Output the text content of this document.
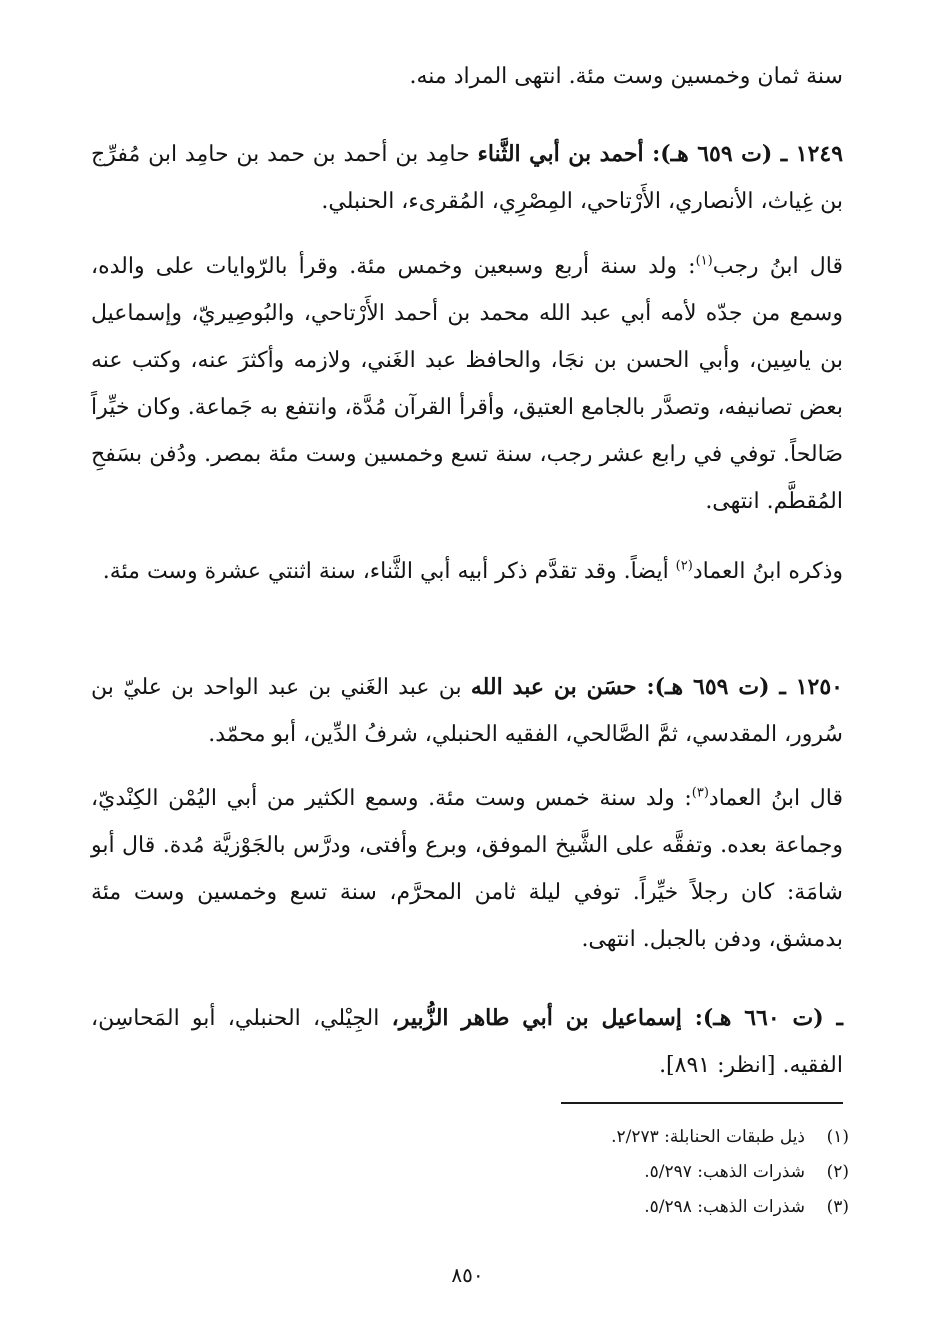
سنة ثمان وخمسين وست مئة. انتهى المراد منه.

١٢٤٩ ـ (ت ٦٥٩ هـ): أحمد بن أبي الثَّناء حامِد بن أحمد بن حمد بن حامِد ابن مُفرِّج بن غِياث، الأنصاري، الأَرْتاحي، المِصْرِي، المُقرىء، الحنبلي.

قال ابنُ رجب$^{(١)}$: ولد سنة أربع وسبعين وخمس مئة. وقرأ بالرّوايات على والده، وسمع من جدّه لأمه أبي عبد الله محمد بن أحمد الأَرْتاحي، والبُوصِيريّ، وإسماعيل بن ياسِين، وأبي الحسن بن نجَا، والحافظ عبد الغَني، ولازمه وأكثرَ عنه، وكتب عنه بعض تصانيفه، وتصدَّر بالجامع العتيق، وأقرأ القرآن مُدَّة، وانتفع به جَماعة. وكان خيِّراً صَالحاً. توفي في رابع عشر رجب، سنة تسع وخمسين وست مئة بمصر. ودُفن بسَفحِ المُقطَّم. انتهى.

وذكره ابنُ العماد$^{(٢)}$ أيضاً. وقد تقدَّم ذكر أبيه أبي الثَّناء، سنة اثنتي عشرة وست مئة.

١٢٥٠ ـ (ت ٦٥٩ هـ): حسَن بن عبد الله بن عبد الغَني بن عبد الواحد بن عليّ بن سُرور، المقدسي، ثمَّ الصَّالحي، الفقيه الحنبلي، شرفُ الدِّين، أبو محمّد.

قال ابنُ العماد$^{(٣)}$: ولد سنة خمس وست مئة. وسمع الكثير من أبي اليُمْن الكِنْديّ، وجماعة بعده. وتفقَّه على الشَّيخ الموفق، وبرع وأفتى، ودرَّس بالجَوْزيَّة مُدة. قال أبو شامَة: كان رجلاً خيِّراً. توفي ليلة ثامن المحرَّم، سنة تسع وخمسين وست مئة بدمشق، ودفن بالجبل. انتهى.

ـ (ت ٦٦٠ هـ): إسماعيل بن أبي طاهر الزُّبير، الجِيْلي، الحنبلي، أبو المَحاسِن، الفقيه. [انظر: ٨٩١].

(١)ذيل طبقات الحنابلة: ٢/٢٧٣.
(٢)شذرات الذهب: ٥/٢٩٧.
(٣)شذرات الذهب: ٥/٢٩٨.
٨٥٠
